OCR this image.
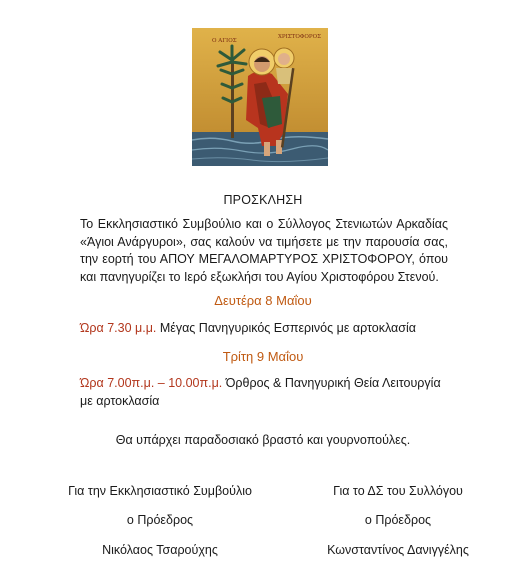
Ο ΑΓΙΟΣ
ΧΡΙΣΤΟΦΟΡΟΣ
ΠΡΟΣΚΛΗΣΗ
Το Εκκλησιαστικό Συμβούλιο και ο Σύλλογος Στενιωτών Αρκαδίας «Άγιοι Ανάργυροι», σας καλούν να τιμήσετε με την παρουσία σας, την εορτή του ΑΠΟΥ ΜΕΓΑΛΟΜΑΡΤΥΡΟΣ ΧΡΙΣΤΟΦΟΡΟΥ, όπου και πανηγυρίζει το Ιερό εξωκλήσι του Αγίου Χριστοφόρου Στενού.
Δευτέρα 8 Μαΐου
Ώρα 7.30 μ.μ. Μέγας Πανηγυρικός Εσπερινός με αρτοκλασία
Τρίτη 9 Μαΐου
Ώρα 7.00π.μ. – 10.00π.μ. Όρθρος & Πανηγυρική Θεία Λειτουργία με αρτοκλασία
Θα υπάρχει παραδοσιακό βραστό και γουρνοπούλες.
Για την Εκκλησιαστικό Συμβούλιο	Για το ΔΣ του Συλλόγου
ο Πρόεδρος	ο Πρόεδρος
Νικόλαος Τσαρούχης	Κωνσταντίνος Δανιγγέλης
